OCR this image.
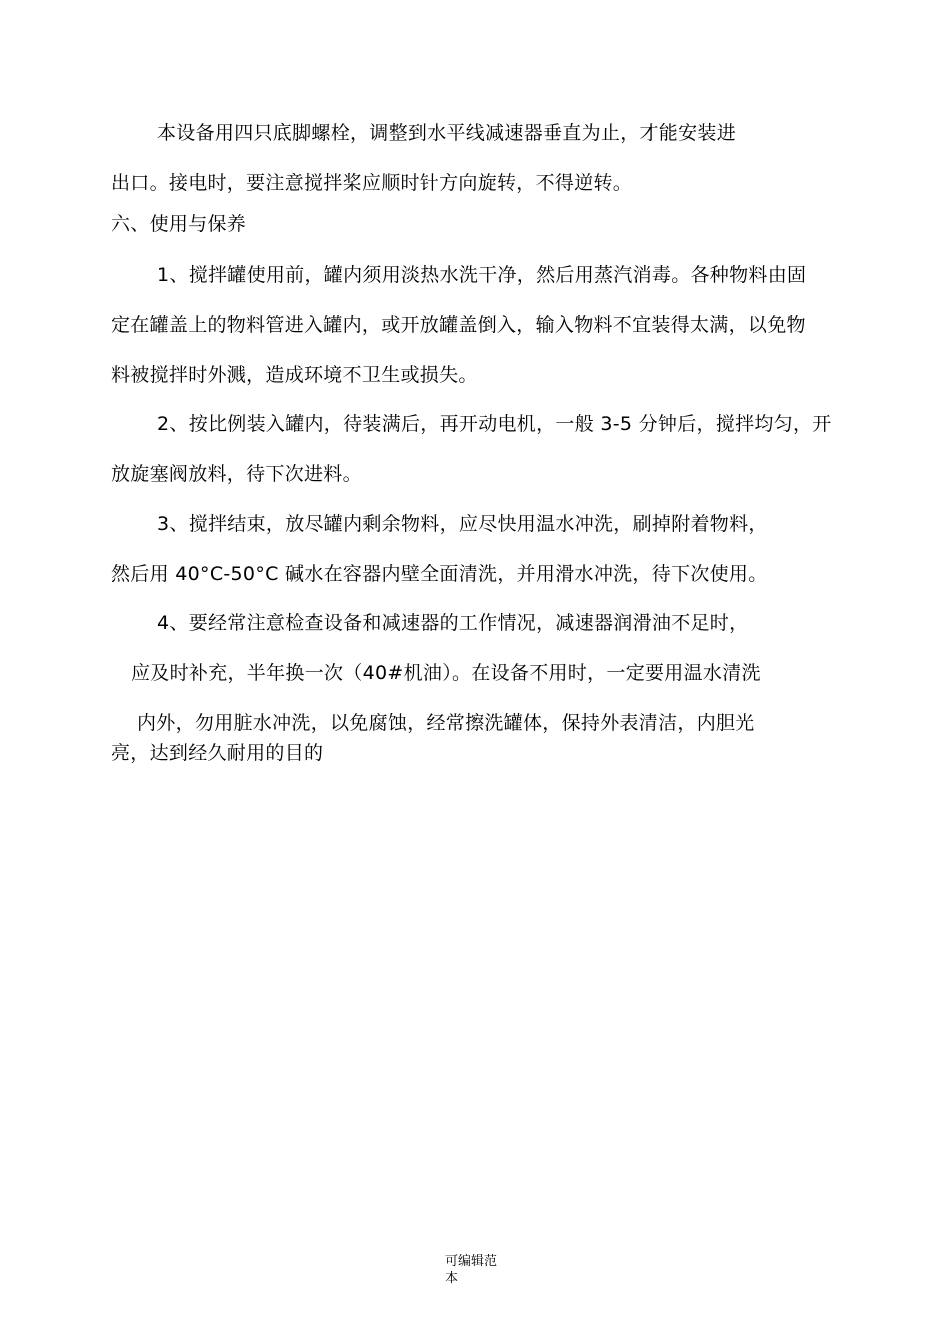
本设备用四只底脚螺栓，调整到水平线减速器垂直为止，才能安装进
出口。接电时，要注意搅拌桨应顺时针方向旋转，不得逆转。
六、使用与保养
1、搅拌罐使用前，罐内须用淡热水洗干净，然后用蒸汽消毒。各种物料由固
定在罐盖上的物料管进入罐内，或开放罐盖倒入，输入物料不宜装得太满，以免物
料被搅拌时外溅，造成环境不卫生或损失。
2、按比例装入罐内，待装满后，再开动电机，一般 3-5 分钟后，搅拌均匀，开
放旋塞阀放料，待下次进料。
3、搅拌结束，放尽罐内剩余物料，应尽快用温水冲洗，刷掉附着物料，
然后用 40°C-50°C 碱水在容器内壁全面清洗，并用滑水冲洗，待下次使用。
4、要经常注意检查设备和减速器的工作情况，减速器润滑油不足时，
应及时补充，半年换一次（40#机油）。在设备不用时，一定要用温水清洗
内外，勿用脏水冲洗，以免腐蚀，经常擦洗罐体，保持外表清洁，内胆光
亮，达到经久耐用的目的
可编辑范
本
